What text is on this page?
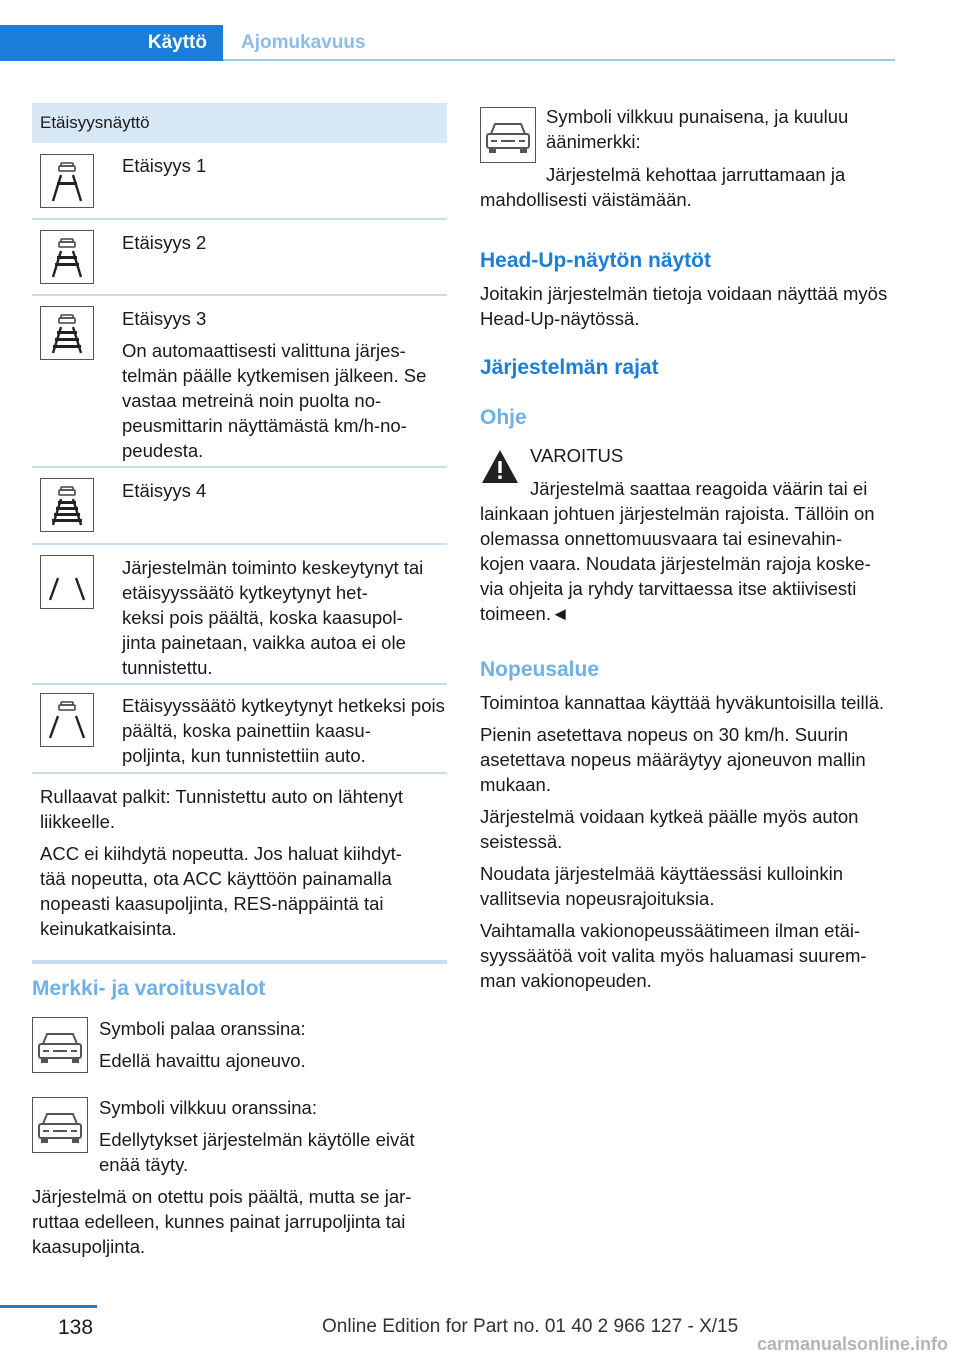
Käyttö	Ajomukavuus
Etäisyysnäyttö

Etäisyys 1

Etäisyys 2

Etäisyys 3

On automaattisesti valittuna järjes-
telmän päälle kytkemisen jälkeen. Se vastaa metreinä noin puolta no-
peusmittarin näyttämästä km/h-no-
peudesta.

Etäisyys 4

Järjestelmän toiminto keskeytynyt tai etäisyyssäätö kytkeytynyt het-
keksi pois päältä, koska kaasupol-
jinta painetaan, vaikka autoa ei ole tunnistettu.

Etäisyyssäätö kytkeytynyt hetkeksi pois päältä, koska painettiin kaasu-
poljinta, kun tunnistettiin auto.

Rullaavat palkit: Tunnistettu auto on lähtenyt liikkeelle.

ACC ei kiihdytä nopeutta. Jos haluat kiihdyt-
tää nopeutta, ota ACC käyttöön painamalla nopeasti kaasupoljinta, RES-näppäintä tai keinukatkaisinta.

Merkki- ja varoitusvalot

Symboli palaa oranssina:

Edellä havaittu ajoneuvo.

Symboli vilkkuu oranssina:

Edellytykset järjestelmän käytölle eivät enää täyty.

Järjestelmä on otettu pois päältä, mutta se jar-
ruttaa edelleen, kunnes painat jarrupoljinta tai kaasupoljinta.
Symboli vilkkuu punaisena, ja kuuluu äänimerkki:
Järjestelmä kehottaa jarruttamaan ja mahdollisesti väistämään.
Head-Up-näytön näytöt
Joitakin järjestelmän tietoja voidaan näyttää myös Head-Up-näytössä.
Järjestelmän rajat
Ohje
VAROITUS
Järjestelmä saattaa reagoida väärin tai ei lainkaan johtuen järjestelmän rajoista. Tällöin on olemassa onnettomuusvaara tai esinevahin-
kojen vaara. Noudata järjestelmän rajoja koske-
via ohjeita ja ryhdy tarvittaessa itse aktiivisesti toimeen.◄
Nopeusalue

Toimintoa kannattaa käyttää hyväkuntoisilla teillä.

Pienin asetettava nopeus on 30 km/h. Suurin asetettava nopeus määräytyy ajoneuvon mallin mukaan.

Järjestelmä voidaan kytkeä päälle myös auton seistessä.

Noudata järjestelmää käyttäessäsi kulloinkin vallitsevia nopeusrajoituksia.

Vaihtamalla vakionopeussäätimeen ilman etäi-
syyssäätöä voit valita myös haluamasi suurem-
man vakionopeuden.

138	Online Edition for Part no. 01 40 2 966 127 - X/15
carmanualsonline.info
